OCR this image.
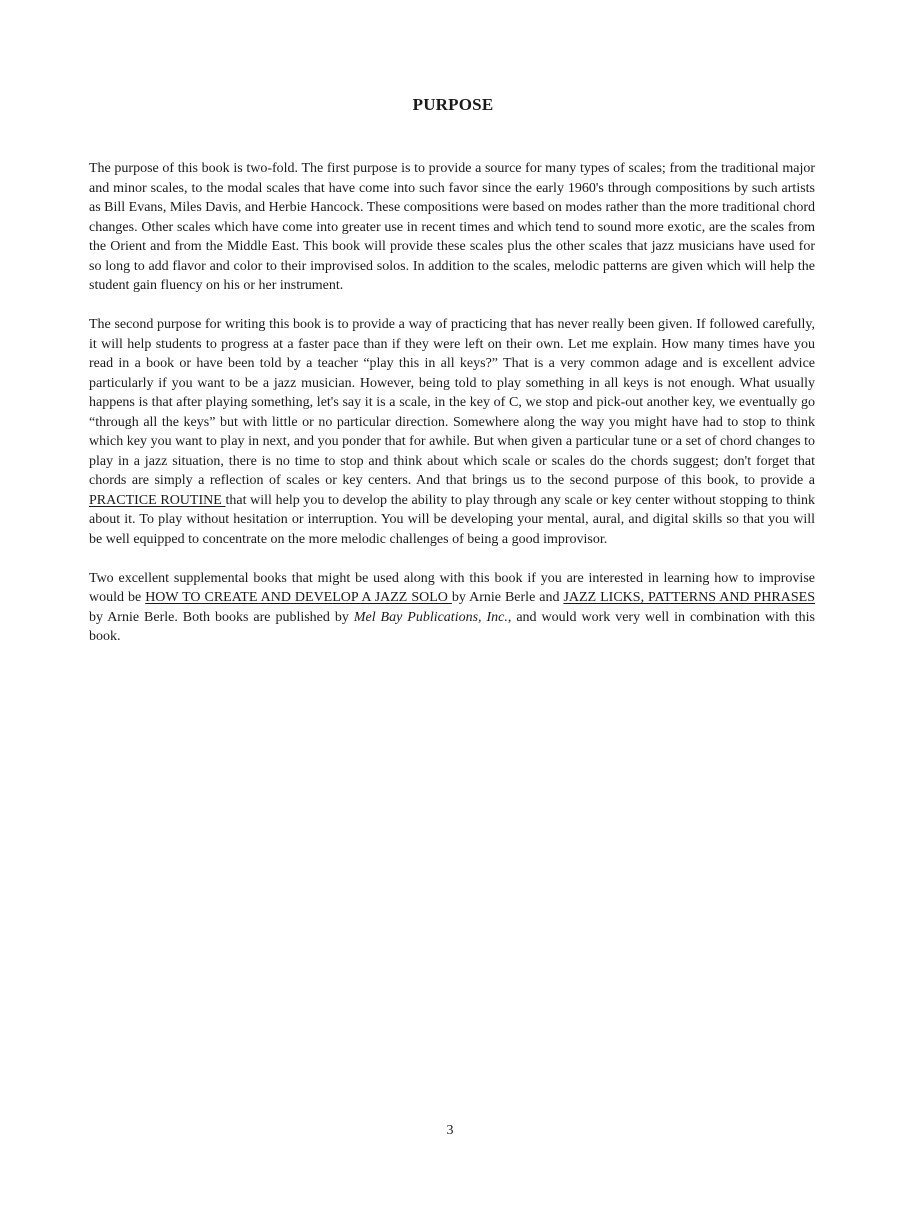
PURPOSE

The purpose of this book is two-fold. The first purpose is to provide a source for many types of scales; from the traditional major and minor scales, to the modal scales that have come into such favor since the early 1960's through compositions by such artists as Bill Evans, Miles Davis, and Herbie Hancock. These compositions were based on modes rather than the more traditional chord changes. Other scales which have come into greater use in recent times and which tend to sound more exotic, are the scales from the Orient and from the Middle East. This book will provide these scales plus the other scales that jazz musicians have used for so long to add flavor and color to their improvised solos. In addition to the scales, melodic patterns are given which will help the student gain fluency on his or her instrument.

The second purpose for writing this book is to provide a way of practicing that has never really been given. If followed carefully, it will help students to progress at a faster pace than if they were left on their own. Let me explain. How many times have you read in a book or have been told by a teacher “play this in all keys?” That is a very common adage and is excellent advice particularly if you want to be a jazz musician. However, being told to play something in all keys is not enough. What usually happens is that after playing something, let's say it is a scale, in the key of C, we stop and pick-out another key, we eventually go “through all the keys” but with little or no particular direction. Somewhere along the way you might have had to stop to think which key you want to play in next, and you ponder that for awhile. But when given a particular tune or a set of chord changes to play in a jazz situation, there is no time to stop and think about which scale or scales do the chords suggest; don't forget that chords are simply a reflection of scales or key centers. And that brings us to the second purpose of this book, to provide a PRACTICE ROUTINE that will help you to develop the ability to play through any scale or key center without stopping to think about it. To play without hesitation or interruption. You will be developing your mental, aural, and digital skills so that you will be well equipped to concentrate on the more melodic challenges of being a good improvisor.

Two excellent supplemental books that might be used along with this book if you are interested in learning how to improvise would be HOW TO CREATE AND DEVELOP A JAZZ SOLO by Arnie Berle and JAZZ LICKS, PATTERNS AND PHRASES by Arnie Berle. Both books are published by Mel Bay Publications, Inc., and would work very well in combination with this book.

3
